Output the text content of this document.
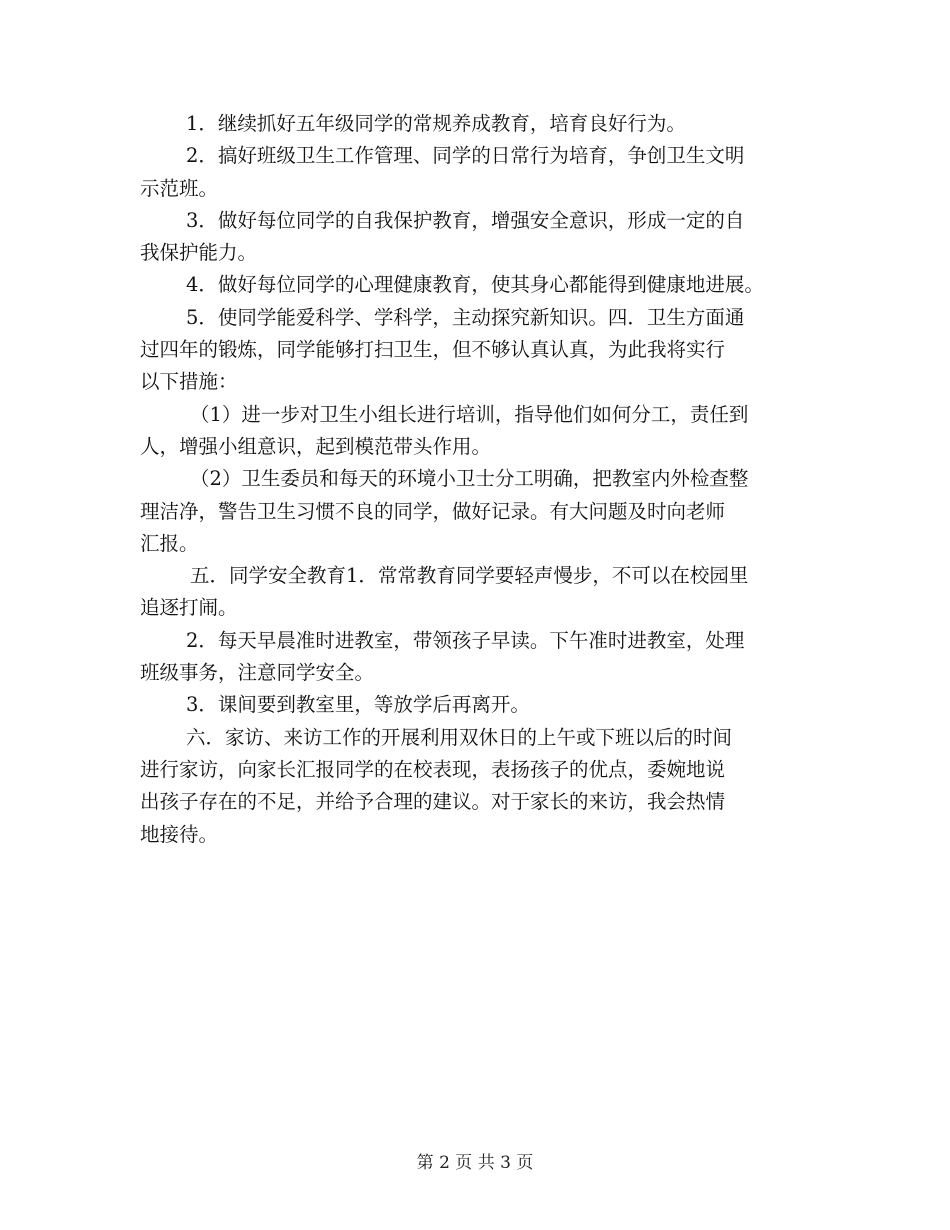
1．继续抓好五年级同学的常规养成教育，培育良好行为。
2．搞好班级卫生工作管理、同学的日常行为培育，争创卫生文明
示范班。
3．做好每位同学的自我保护教育，增强安全意识，形成一定的自
我保护能力。
4．做好每位同学的心理健康教育，使其身心都能得到健康地进展。
5．使同学能爱科学、学科学，主动探究新知识。四．卫生方面通
过四年的锻炼，同学能够打扫卫生，但不够认真认真，为此我将实行
以下措施：
（1）进一步对卫生小组长进行培训，指导他们如何分工，责任到
人，增强小组意识，起到模范带头作用。
（2）卫生委员和每天的环境小卫士分工明确，把教室内外检查整
理洁净，警告卫生习惯不良的同学，做好记录。有大问题及时向老师
汇报。
五．同学安全教育1．常常教育同学要轻声慢步，不可以在校园里
追逐打闹。
2．每天早晨准时进教室，带领孩子早读。下午准时进教室，处理
班级事务，注意同学安全。
3．课间要到教室里，等放学后再离开。
六．家访、来访工作的开展利用双休日的上午或下班以后的时间
进行家访，向家长汇报同学的在校表现，表扬孩子的优点，委婉地说
出孩子存在的不足，并给予合理的建议。对于家长的来访，我会热情
地接待。
第 2 页 共 3 页
